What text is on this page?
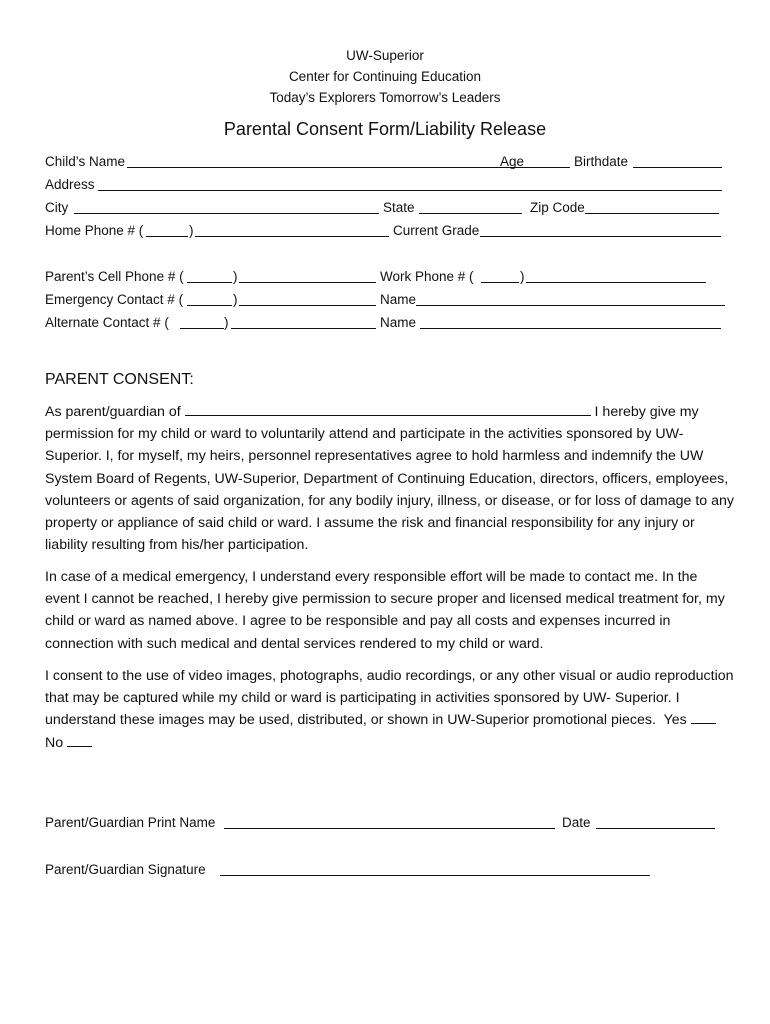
UW-Superior
Center for Continuing Education
Today’s Explorers Tomorrow’s Leaders
Parental Consent Form/Liability Release
Child’s Name	Age	Birthdate
Address
City	State	Zip Code
Home Phone # (	)	Current Grade
Parent’s Cell Phone # (	)	Work Phone # (	)
Emergency Contact # (	)	Name
Alternate Contact # (	)	Name
PARENT CONSENT:

As parent/guardian of	I hereby give my

permission for my child or ward to voluntarily attend and participate in the activities sponsored by UW-Superior. I, for myself, my heirs, personnel representatives agree to hold harmless and indemnify the UW System Board of Regents, UW-Superior, Department of Continuing Education, directors, officers, employees, volunteers or agents of said organization, for any bodily injury, illness, or disease, or for loss of damage to any property or appliance of said child or ward. I assume the risk and financial responsibility for any injury or liability resulting from his/her participation.

In case of a medical emergency, I understand every responsible effort will be made to contact me. In the event I cannot be reached, I hereby give permission to secure proper and licensed medical treatment for, my child or ward as named above. I agree to be responsible and pay all costs and expenses incurred in connection with such medical and dental services rendered to my child or ward.
I consent to the use of video images, photographs, audio recordings, or any other visual or audio reproduction that may be captured while my child or ward is participating in activities sponsored by UW- Superior. I understand these images may be used, distributed, or shown in UW-Superior promotional pieces. Yes     No
Parent/Guardian Print Name	Date
Parent/Guardian Signature
